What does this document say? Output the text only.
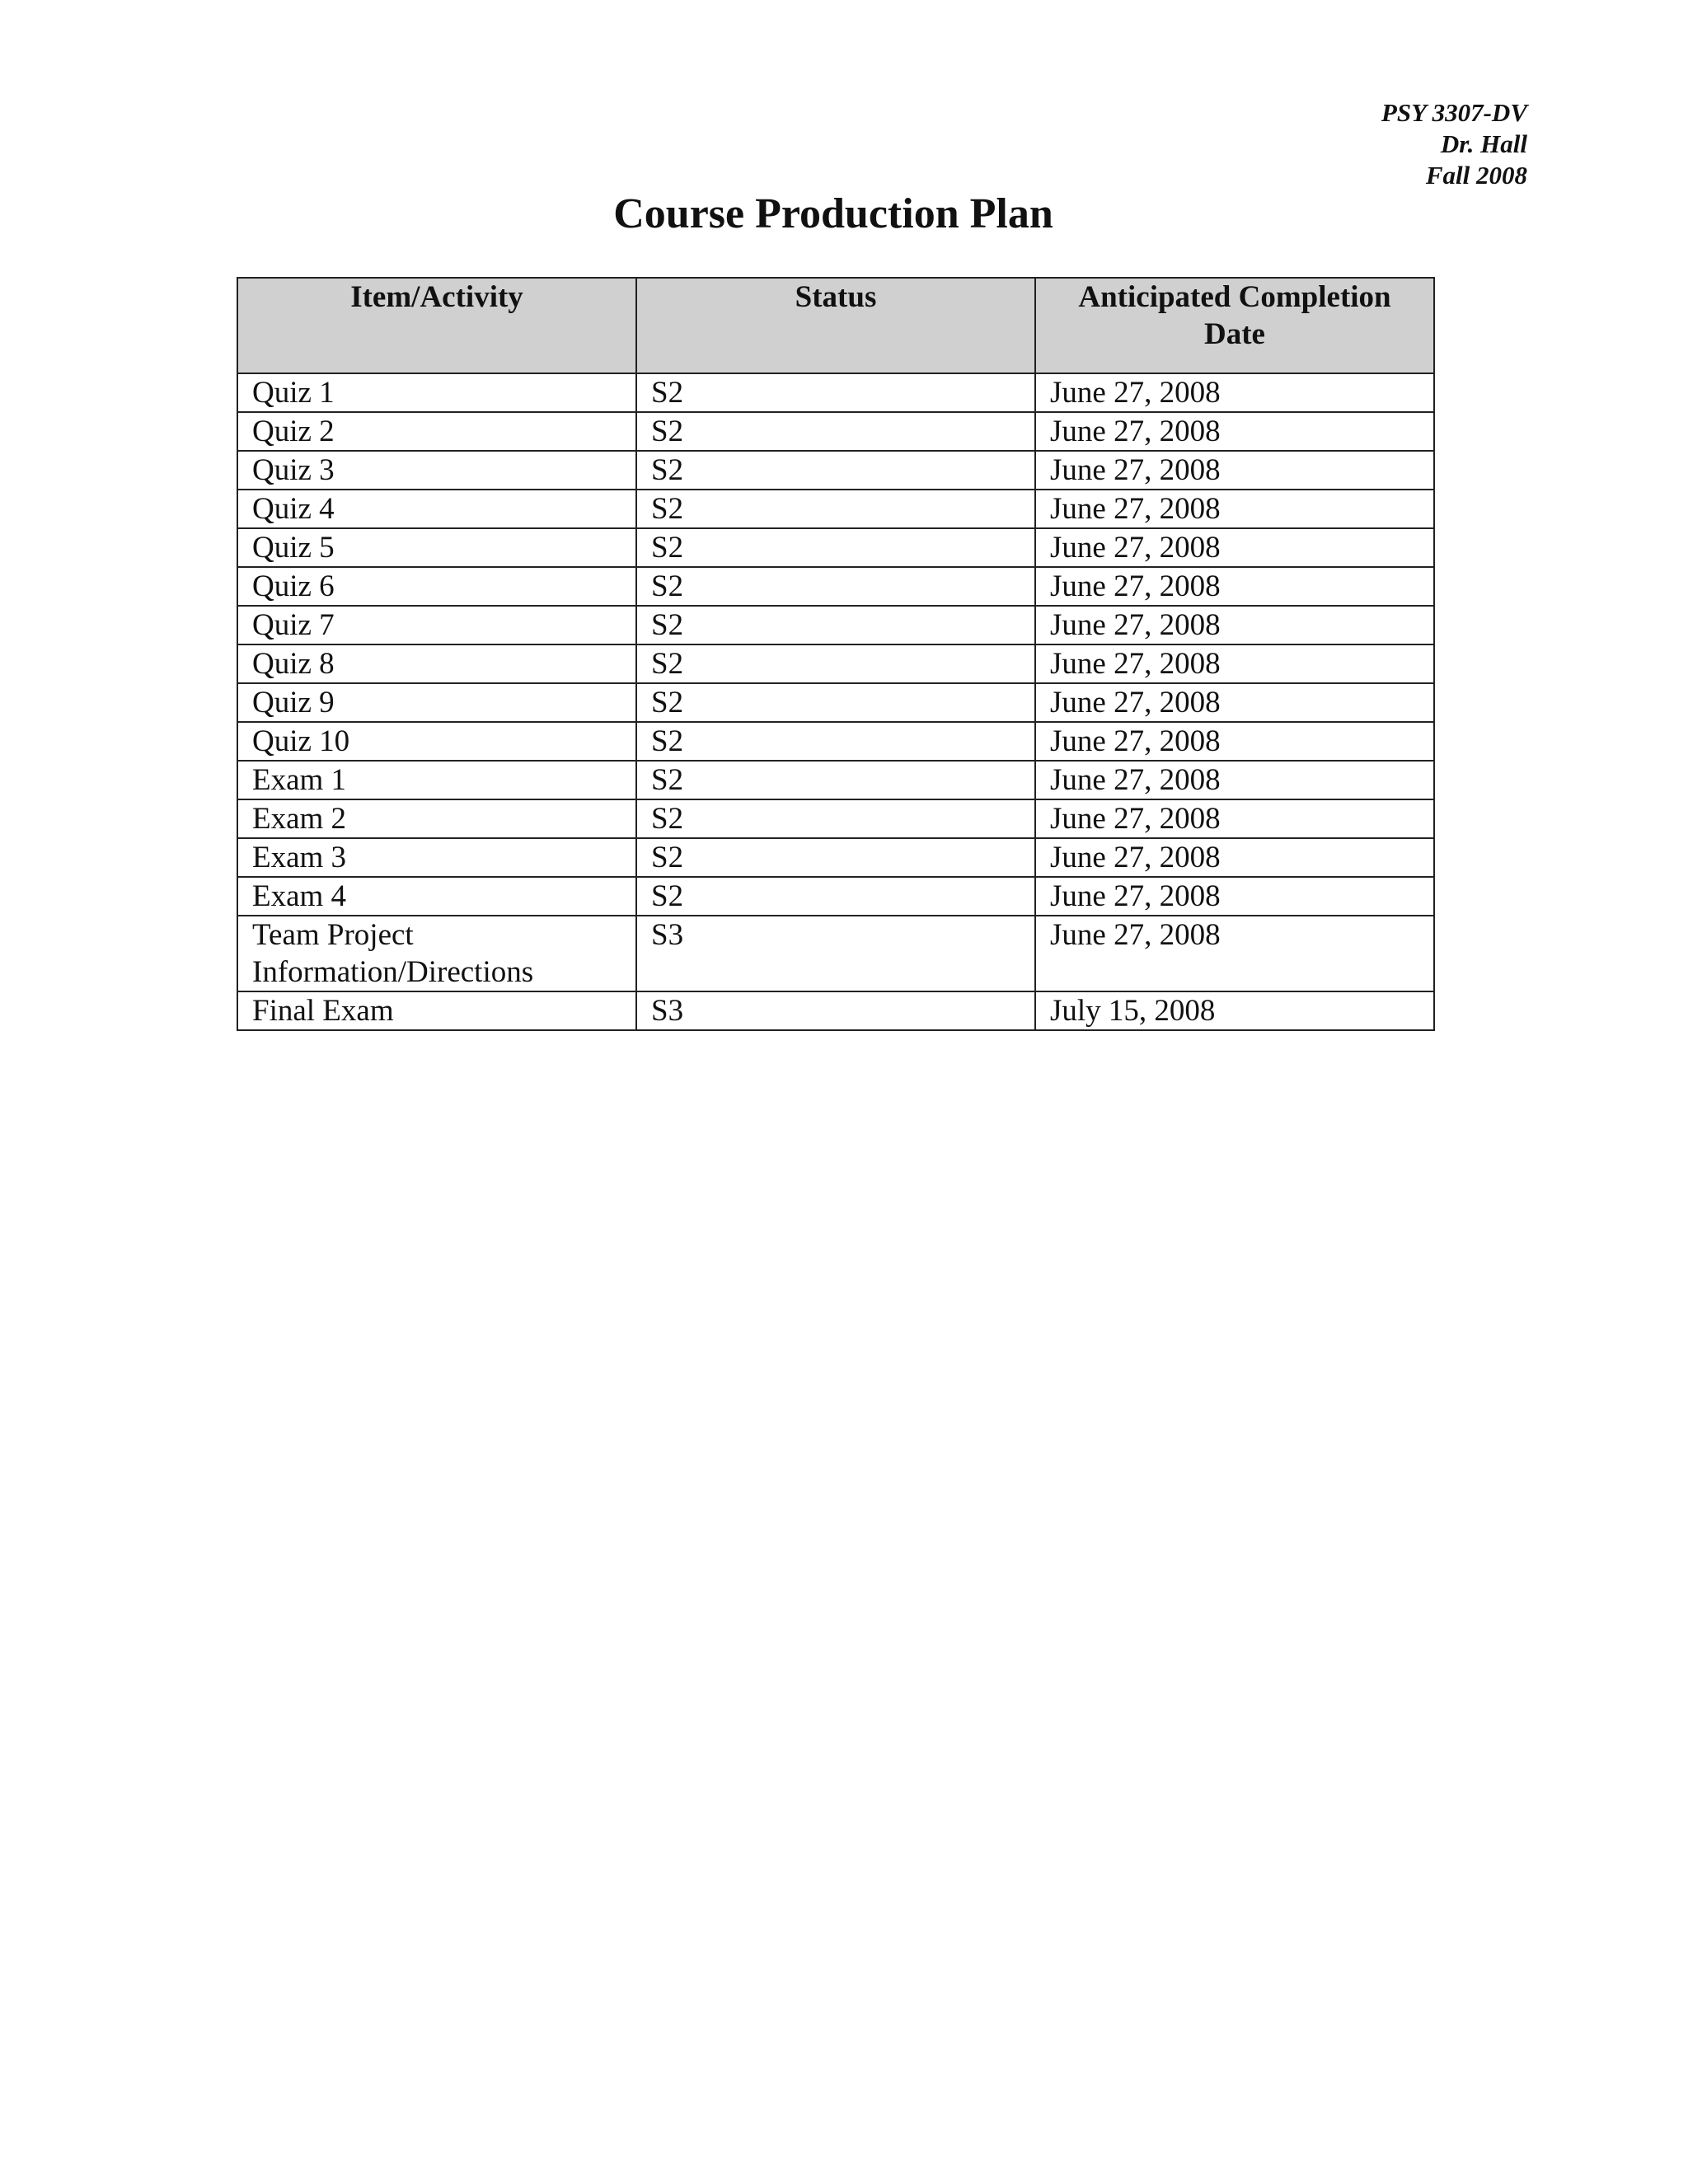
PSY 3307-DV
Dr. Hall
Fall 2008
Course Production Plan
Item/Activity	Status	Anticipated Completion Date
Quiz 1	S2	June 27, 2008
Quiz 2	S2	June 27, 2008
Quiz 3	S2	June 27, 2008
Quiz 4	S2	June 27, 2008
Quiz 5	S2	June 27, 2008
Quiz 6	S2	June 27, 2008
Quiz 7	S2	June 27, 2008
Quiz 8	S2	June 27, 2008
Quiz 9	S2	June 27, 2008
Quiz 10	S2	June 27, 2008
Exam 1	S2	June 27, 2008
Exam 2	S2	June 27, 2008
Exam 3	S2	June 27, 2008
Exam 4	S2	June 27, 2008
Team Project Information/Directions	S3	June 27, 2008
Final Exam	S3	July 15, 2008
